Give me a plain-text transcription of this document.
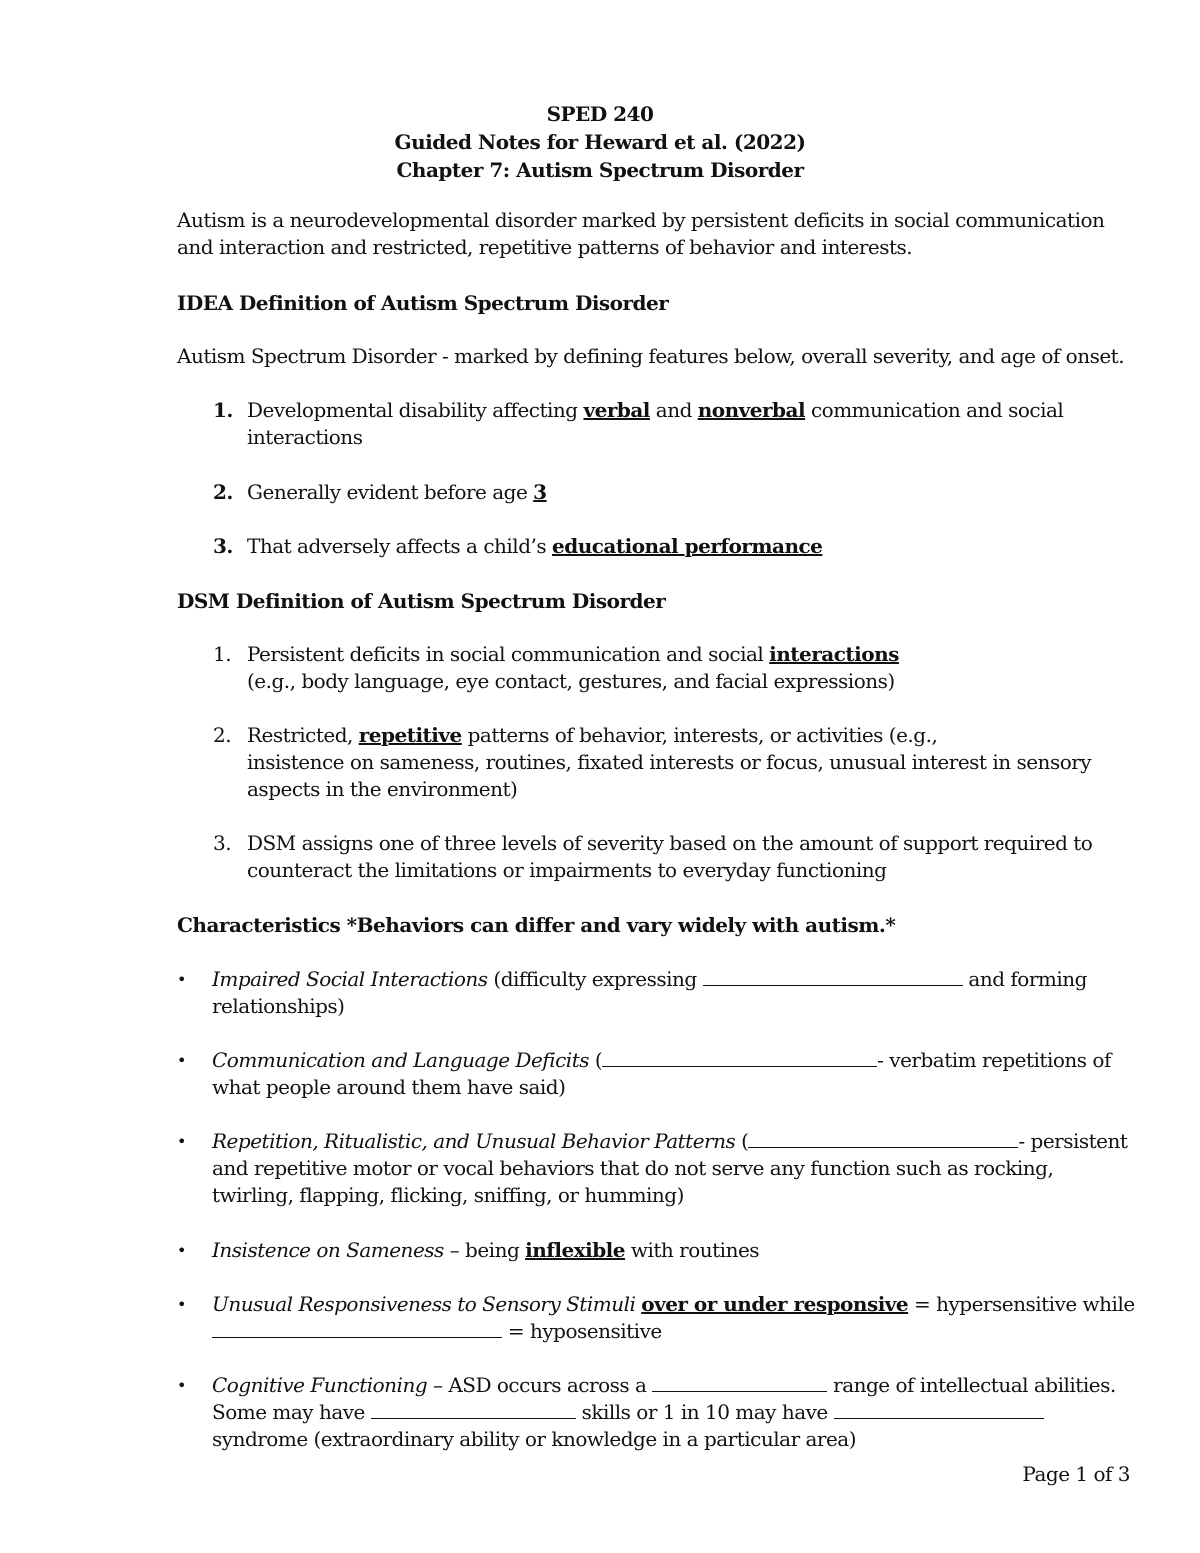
SPED 240
Guided Notes for Heward et al. (2022)
Chapter 7: Autism Spectrum Disorder
Autism is a neurodevelopmental disorder marked by persistent deficits in social communication and interaction and restricted, repetitive patterns of behavior and interests.
IDEA Definition of Autism Spectrum Disorder
Autism Spectrum Disorder - marked by defining features below, overall severity, and age of onset.
1. Developmental disability affecting verbal and nonverbal communication and social interactions
2. Generally evident before age 3
3. That adversely affects a child’s educational performance
DSM Definition of Autism Spectrum Disorder
1. Persistent deficits in social communication and social interactions
(e.g., body language, eye contact, gestures, and facial expressions)
2. Restricted, repetitive patterns of behavior, interests, or activities (e.g.,
insistence on sameness, routines, fixated interests or focus, unusual interest in sensory aspects in the environment)
3. DSM assigns one of three levels of severity based on the amount of support required to counteract the limitations or impairments to everyday functioning
Characteristics *Behaviors can differ and vary widely with autism.*
• Impaired Social Interactions (difficulty expressing	and forming relationships)
• Communication and Language Deficits (	- verbatim repetitions of what people around them have said)
• Repetition, Ritualistic, and Unusual Behavior Patterns (	- persistent and repetitive motor or vocal behaviors that do not serve any function such as rocking, twirling, flapping, flicking, sniffing, or humming)
• Insistence on Sameness – being inflexible with routines
• Unusual Responsiveness to Sensory Stimuli over or under responsive = hypersensitive while
= hyposensitive
• Cognitive Functioning – ASD occurs across a	range of intellectual abilities. Some may have	skills or 1 in 10 may have  syndrome (extraordinary ability or knowledge in a particular area)
Page 1 of 3
